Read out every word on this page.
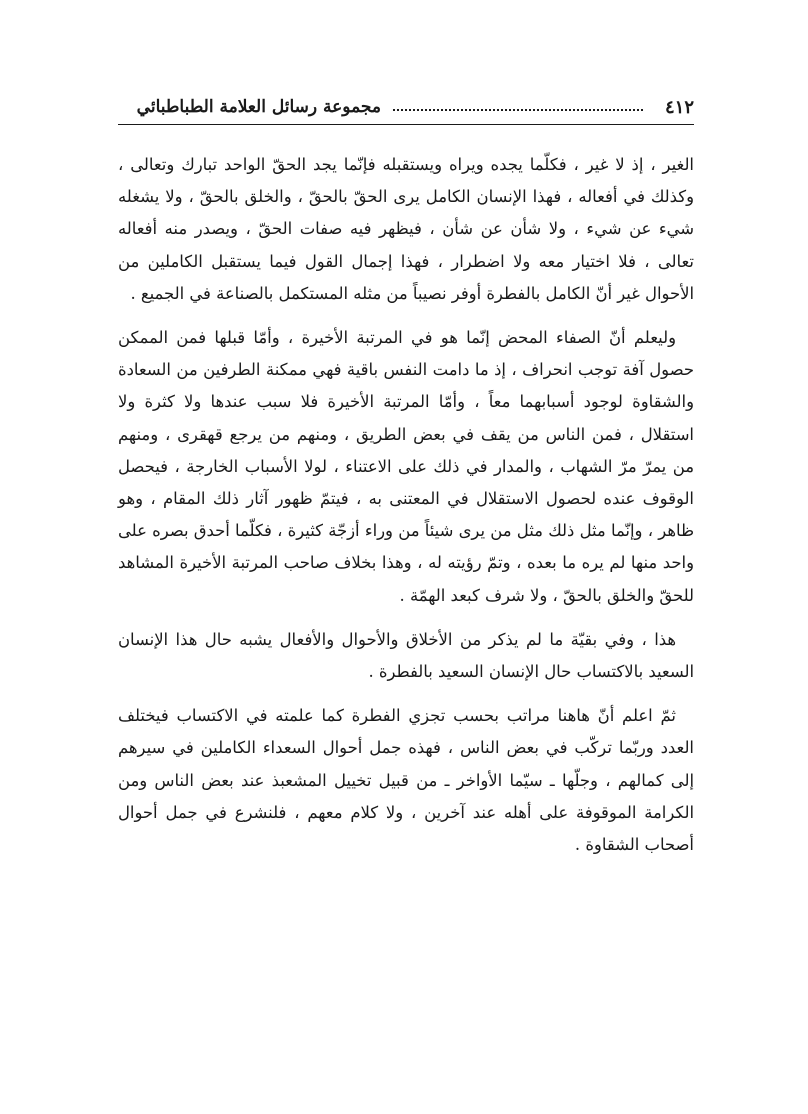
٤١٢
مجموعة رسائل العلامة الطباطبائي

الغير ، إذ لا غير ، فكلّما يجده ويراه ويستقبله فإنّما يجد الحقّ الواحد تبارك وتعالى ، وكذلك في أفعاله ، فهذا الإنسان الكامل يرى الحقّ بالحقّ ، والخلق بالحقّ ، ولا يشغله شيء عن شيء ، ولا شأن عن شأن ، فيظهر فيه صفات الحقّ ، ويصدر منه أفعاله تعالى ، فلا اختيار معه ولا اضطرار ، فهذا إجمال القول فيما يستقبل الكاملين من الأحوال غير أنّ الكامل بالفطرة أوفر نصيباً من مثله المستكمل بالصناعة في الجميع .

وليعلم أنّ الصفاء المحض إنّما هو في المرتبة الأخيرة ، وأمّا قبلها فمن الممكن حصول آفة توجب انحراف ، إذ ما دامت النفس باقية فهي ممكنة الطرفين من السعادة والشقاوة لوجود أسبابهما معاً ، وأمّا المرتبة الأخيرة فلا سبب عندها ولا كثرة ولا استقلال ، فمن الناس من يقف في بعض الطريق ، ومنهم من يرجع قهقرى ، ومنهم من يمرّ مرّ الشهاب ، والمدار في ذلك على الاعتناء ، لولا الأسباب الخارجة ، فيحصل الوقوف عنده لحصول الاستقلال في المعتنى به ، فيتمّ ظهور آثار ذلك المقام ، وهو ظاهر ، وإنّما مثل ذلك مثل من يرى شيئاً من وراء أزجّة كثيرة ، فكلّما أحدق بصره على واحد منها لم يره ما بعده ، وتمّ رؤيته له ، وهذا بخلاف صاحب المرتبة الأخيرة المشاهد للحقّ والخلق بالحقّ ، ولا شرف كبعد الهمّة .

هذا ، وفي بقيّة ما لم يذكر من الأخلاق والأحوال والأفعال يشبه حال هذا الإنسان السعيد بالاكتساب حال الإنسان السعيد بالفطرة .

ثمّ اعلم أنّ هاهنا مراتب بحسب تجزي الفطرة كما علمته في الاكتساب فيختلف العدد وربّما تركّب في بعض الناس ، فهذه جمل أحوال السعداء الكاملين في سيرهم إلى كمالهم ، وجلّها ـ سيّما الأواخر ـ من قبيل تخييل المشعبذ عند بعض الناس ومن الكرامة الموقوفة على أهله عند آخرين ، ولا كلام معهم ، فلنشرع في جمل أحوال أصحاب الشقاوة .
